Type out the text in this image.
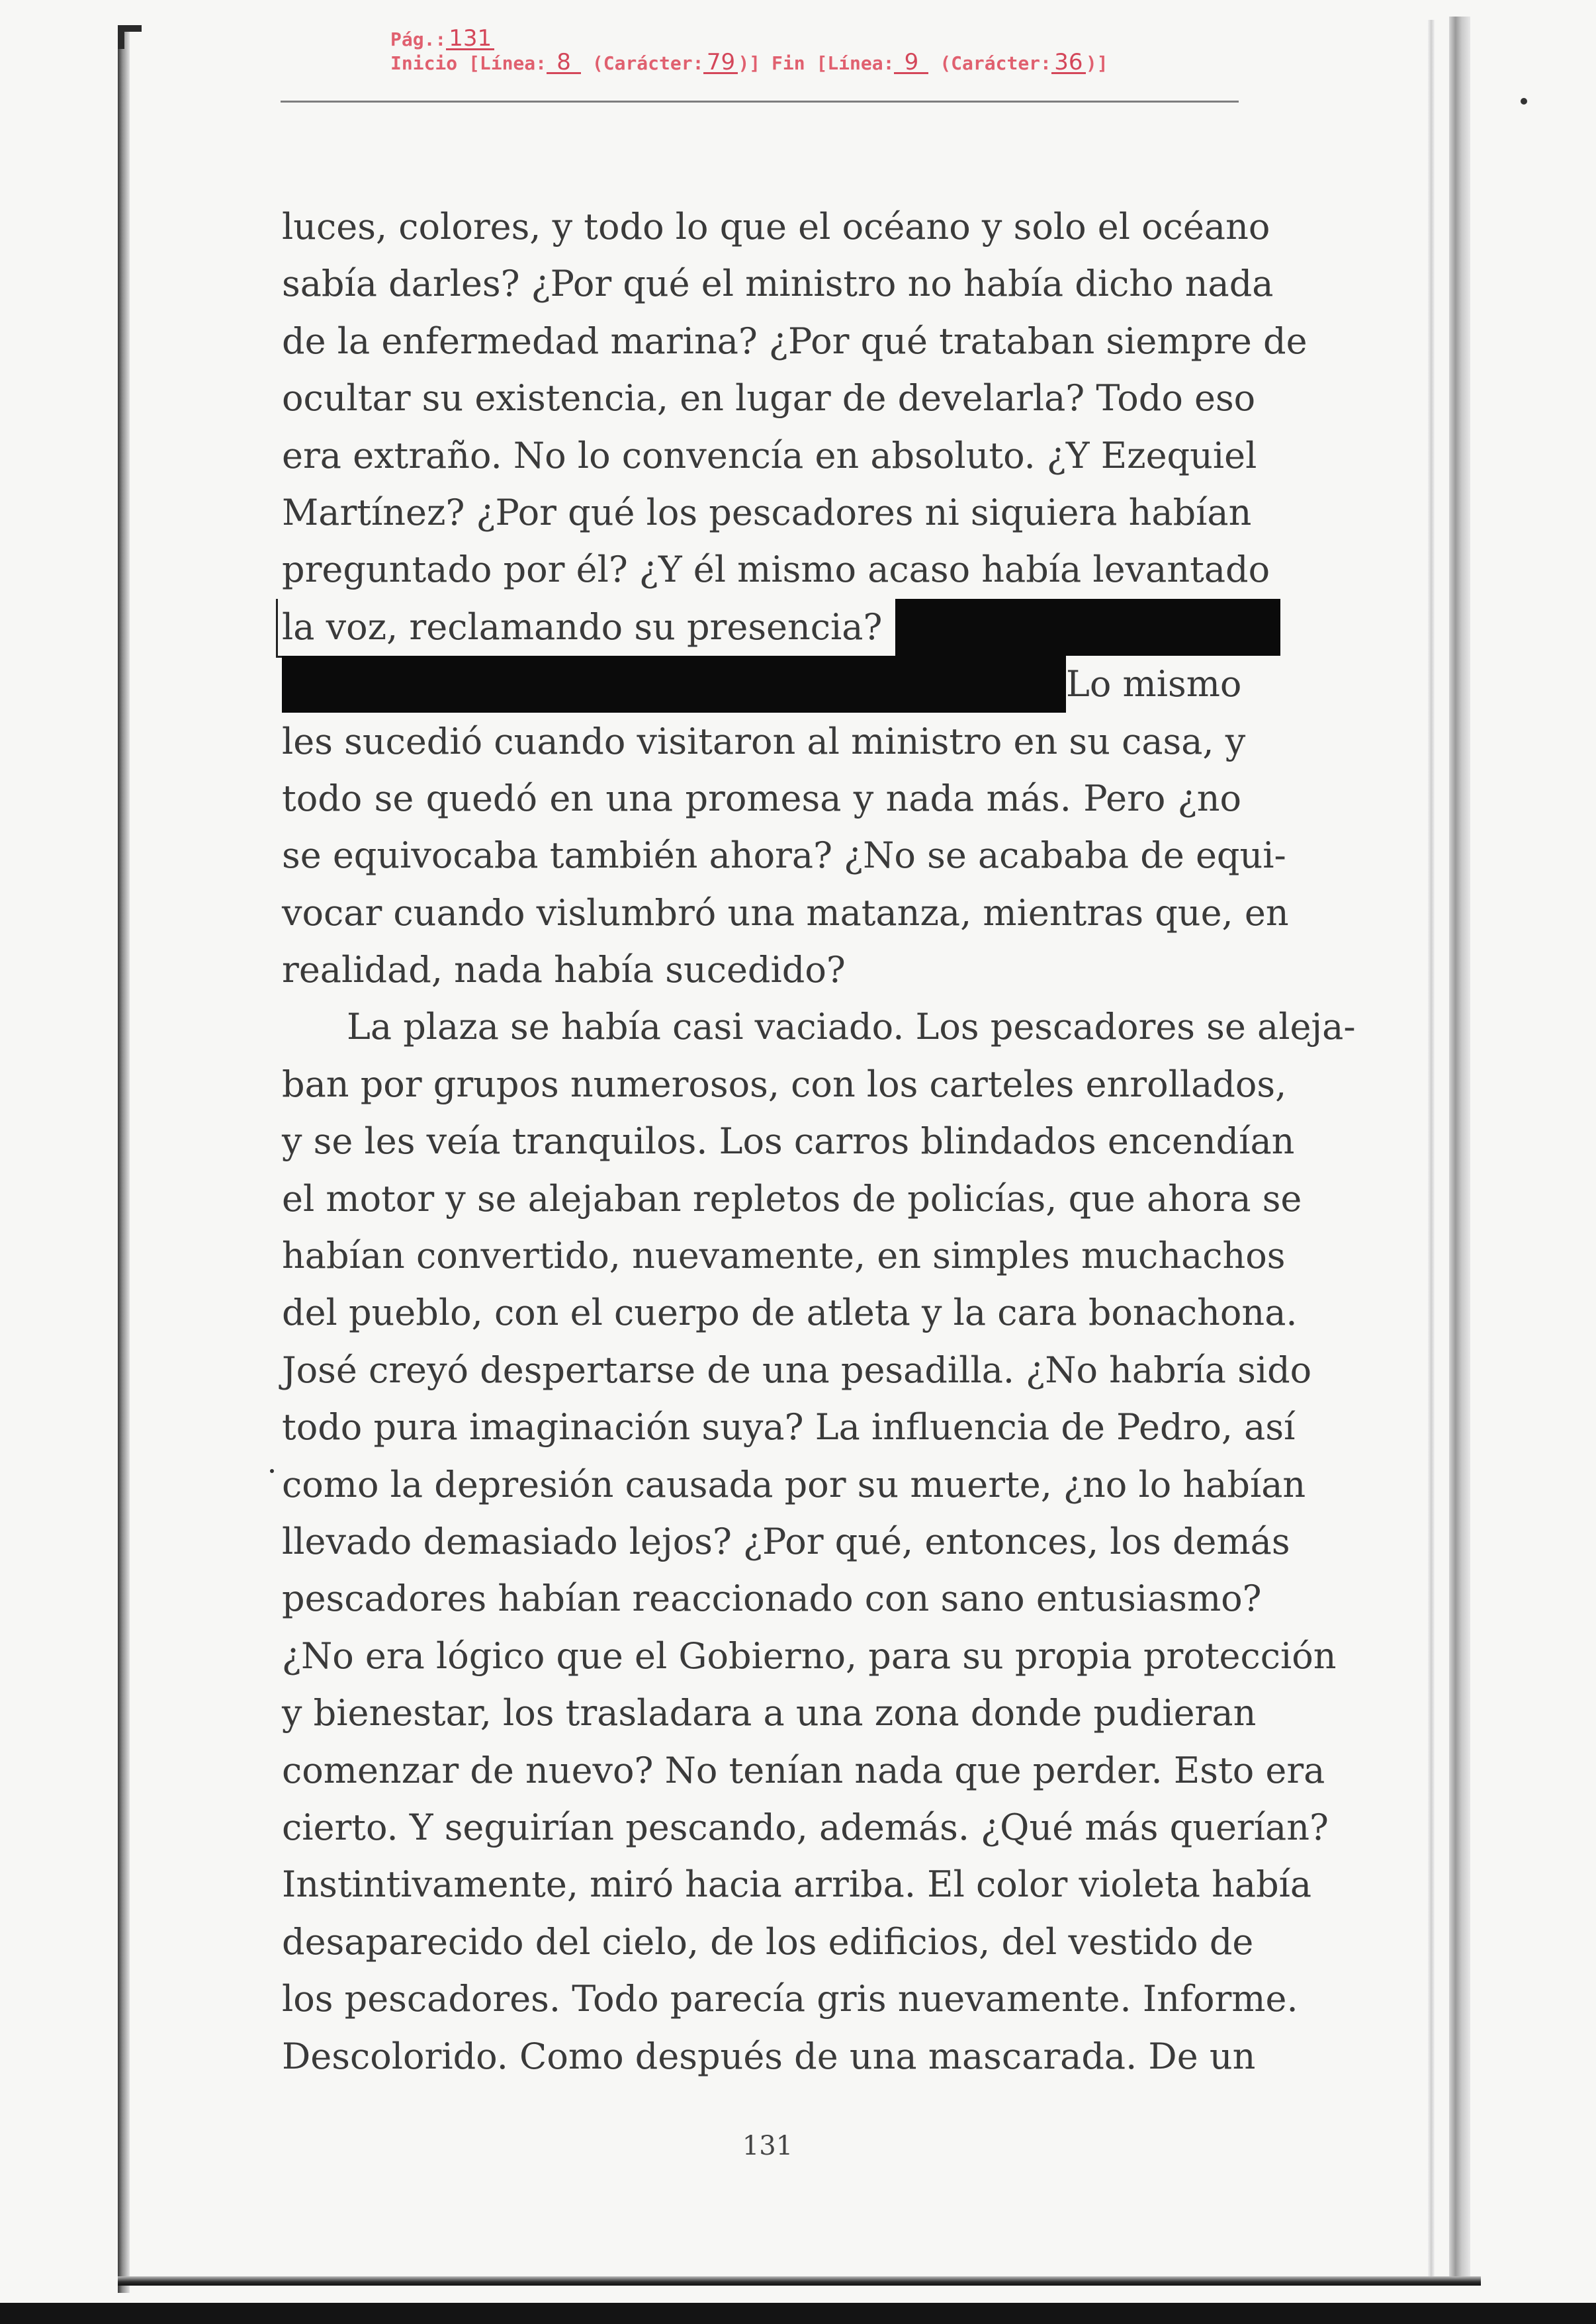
Pág.: 131
Inicio [Línea: 8 (Carácter: 79 )] Fin [Línea: 9 (Carácter: 36 )]
luces, colores, y todo lo que el océano y solo el océano
sabía darles? ¿Por qué el ministro no había dicho nada
de la enfermedad marina? ¿Por qué trataban siempre de
ocultar su existencia, en lugar de develarla? Todo eso
era extraño. No lo convencía en absoluto. ¿Y Ezequiel
Martínez? ¿Por qué los pescadores ni siquiera habían
preguntado por él? ¿Y él mismo acaso había levantado
la voz, reclamando su presencia?
Lo mismo
les sucedió cuando visitaron al ministro en su casa, y
todo se quedó en una promesa y nada más. Pero ¿no
se equivocaba también ahora? ¿No se acababa de equi-
vocar cuando vislumbró una matanza, mientras que, en
realidad, nada había sucedido?
La plaza se había casi vaciado. Los pescadores se aleja-
ban por grupos numerosos, con los carteles enrollados,
y se les veía tranquilos. Los carros blindados encendían
el motor y se alejaban repletos de policías, que ahora se
habían convertido, nuevamente, en simples muchachos
del pueblo, con el cuerpo de atleta y la cara bonachona.
José creyó despertarse de una pesadilla. ¿No habría sido
todo pura imaginación suya? La influencia de Pedro, así
como la depresión causada por su muerte, ¿no lo habían
llevado demasiado lejos? ¿Por qué, entonces, los demás
pescadores habían reaccionado con sano entusiasmo?
¿No era lógico que el Gobierno, para su propia protección
y bienestar, los trasladara a una zona donde pudieran
comenzar de nuevo? No tenían nada que perder. Esto era
cierto. Y seguirían pescando, además. ¿Qué más querían?
Instintivamente, miró hacia arriba. El color violeta había
desaparecido del cielo, de los edificios, del vestido de
los pescadores. Todo parecía gris nuevamente. Informe.
Descolorido. Como después de una mascarada. De un
131
